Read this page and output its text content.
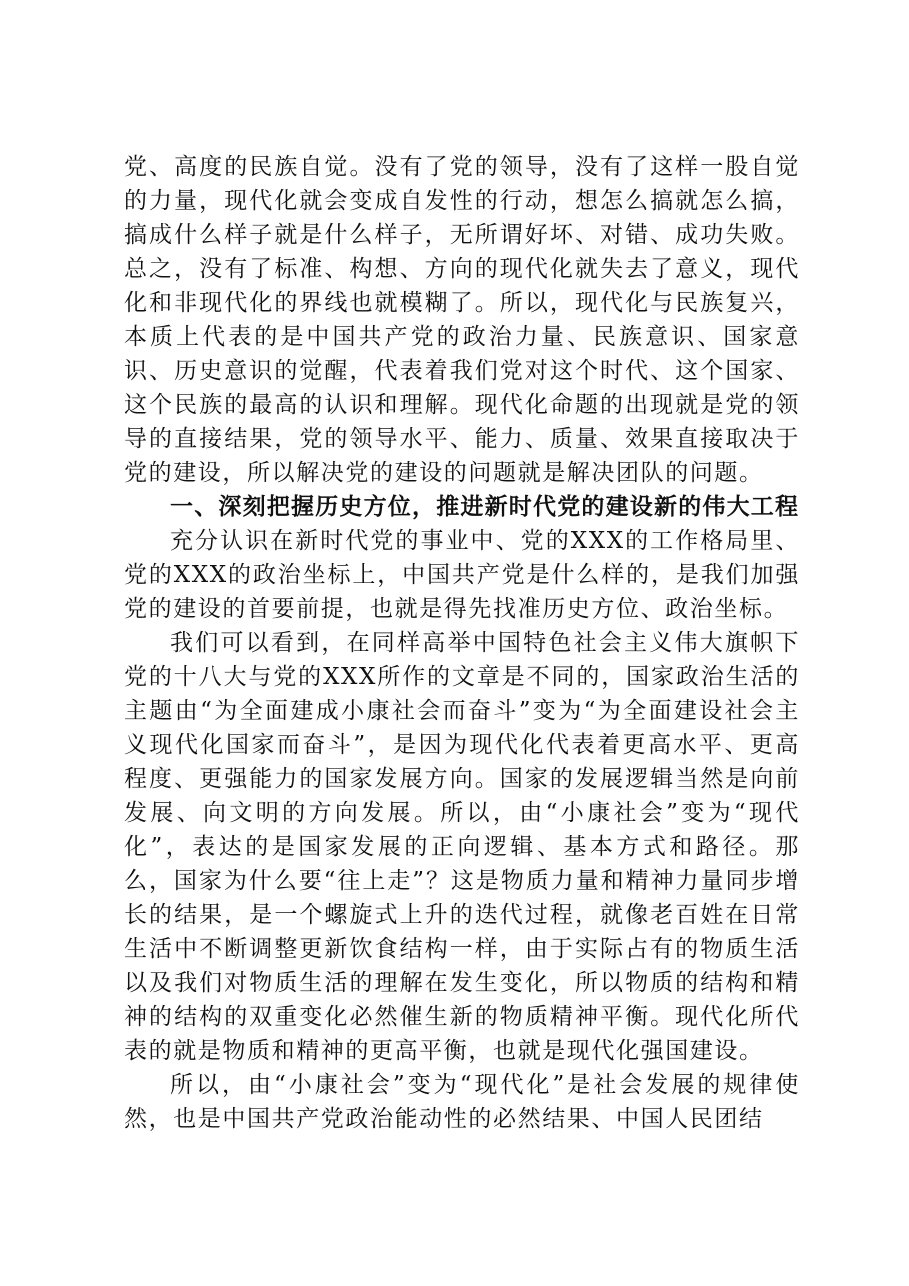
党、高度的民族自觉。没有了党的领导，没有了这样一股自觉的力量，现代化就会变成自发性的行动，想怎么搞就怎么搞，搞成什么样子就是什么样子，无所谓好坏、对错、成功失败。总之，没有了标准、构想、方向的现代化就失去了意义，现代化和非现代化的界线也就模糊了。所以，现代化与民族复兴，本质上代表的是中国共产党的政治力量、民族意识、国家意识、历史意识的觉醒，代表着我们党对这个时代、这个国家、这个民族的最高的认识和理解。现代化命题的出现就是党的领导的直接结果，党的领导水平、能力、质量、效果直接取决于党的建设，所以解决党的建设的问题就是解决团队的问题。

一、深刻把握历史方位，推进新时代党的建设新的伟大工程

充分认识在新时代党的事业中、党的XXX的工作格局里、党的XXX的政治坐标上，中国共产党是什么样的，是我们加强党的建设的首要前提，也就是得先找准历史方位、政治坐标。

我们可以看到，在同样高举中国特色社会主义伟大旗帜下党的十八大与党的XXX所作的文章是不同的，国家政治生活的主题由“为全面建成小康社会而奋斗”变为“为全面建设社会主义现代化国家而奋斗”，是因为现代化代表着更高水平、更高程度、更强能力的国家发展方向。国家的发展逻辑当然是向前发展、向文明的方向发展。所以，由“小康社会”变为“现代化”，表达的是国家发展的正向逻辑、基本方式和路径。那么，国家为什么要“往上走”？这是物质力量和精神力量同步增长的结果，是一个螺旋式上升的迭代过程，就像老百姓在日常生活中不断调整更新饮食结构一样，由于实际占有的物质生活以及我们对物质生活的理解在发生变化，所以物质的结构和精神的结构的双重变化必然催生新的物质精神平衡。现代化所代表的就是物质和精神的更高平衡，也就是现代化强国建设。

所以，由“小康社会”变为“现代化”是社会发展的规律使然，也是中国共产党政治能动性的必然结果、中国人民团结
